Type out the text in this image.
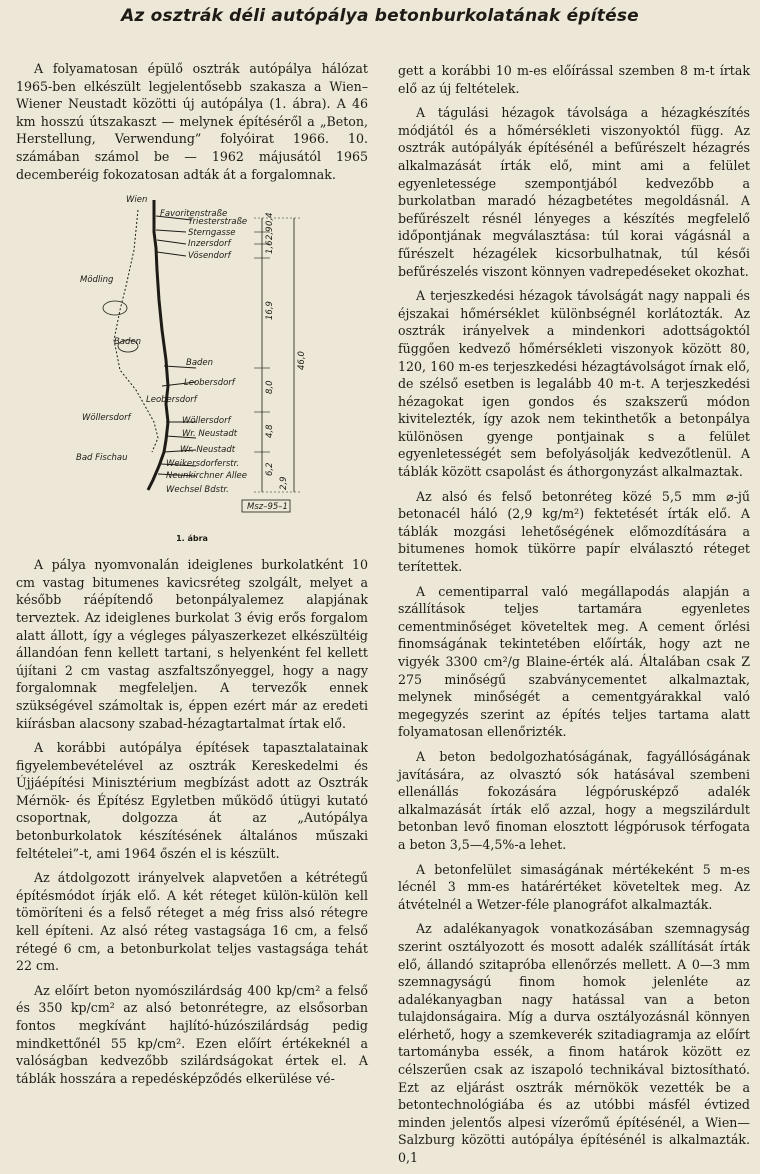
Az osztrák déli autópálya betonburkolatának építése

A folyamatosan épülő osztrák autópálya hálózat 1965-ben elkészült legjelentősebb szakasza a Wien–Wiener Neustadt közötti új autópálya (1. ábra). A 46 km hosszú útszakaszt — melynek építéséről a „Beton, Herstellung, Verwendung” folyóirat 1966. 10. számában számol be — 1962 májusától 1965 decemberéig fokozatosan adták át a forgalomnak.

Wien
Favoritenstraße
Triesterstraße
Sterngasse
Inzersdorf
Vösendorf
Mödling
Baden
Baden
Leobersdorf
Leobersdorf
Wöllersdorf	Wöllersdorf
Wr. Neustadt
Wr. Neustadt
Bad Fischau
Weikersdorferstr.
Neunkirchner Allee
Wechsel Bdstr.
0,4
2,9
1,6
16,9
8,0
4,8
6,2
2,9
46,0
Msz–95–1
1. ábra

A pálya nyomvonalán ideiglenes burkolatként 10 cm vastag bitumenes kavicsréteg szolgált, melyet a később ráépítendő betonpályalemez alapjának terveztek. Az ideiglenes burkolat 3 évig erős forgalom alatt állott, így a végleges pályaszerkezet elkészültéig állandóan fenn kellett tartani, s helyenként fel kellett újítani 2 cm vastag aszfaltszőnyeggel, hogy a nagy forgalomnak megfeleljen. A tervezők ennek szükségével számoltak is, éppen ezért már az eredeti kiírásban alacsony szabad-hézagtartalmat írtak elő.

A korábbi autópálya építések tapasztalatainak figyelembevételével az osztrák Kereskedelmi és Újjáépítési Minisztérium megbízást adott az Osztrák Mérnök- és Építész Egyletben működő útügyi kutató csoportnak, dolgozza át az „Autópálya betonburkolatok készítésének általános műszaki feltételei”-t, ami 1964 őszén el is készült.

Az átdolgozott irányelvek alapvetően a kétrétegű építésmódot írják elő. A két réteget külön-külön kell tömöríteni és a felső réteget a még friss alsó rétegre kell építeni. Az alsó réteg vastagsága 16 cm, a felső rétegé 6 cm, a betonburkolat teljes vastagsága tehát 22 cm.

Az előírt beton nyomószilárdság 400 kp/cm² a felső és 350 kp/cm² az alsó betonrétegre, az elsősorban fontos megkívánt hajlító-húzószilárdság pedig mindkettőnél 55 kp/cm². Ezen előírt értékeknél a valóságban kedvezőbb szilárdságokat értek el. A táblák hosszára a repedésképződés elkerülése vé-

gett a korábbi 10 m-es előírással szemben 8 m-t írtak elő az új feltételek.

A tágulási hézagok távolsága a hézagkészítés módjától és a hőmérsékleti viszonyoktól függ. Az osztrák autópályák építésénél a befűrészelt hézagrés alkalmazását írták elő, mint ami a felület egyenletessége szempontjából kedvezőbb a burkolatban maradó hézagbetétes megoldásnál. A befűrészelt résnél lényeges a készítés megfelelő időpontjának megválasztása: túl korai vágásnál a fűrészelt hézagélek kicsorbulhatnak, túl késői befűrészelés viszont könnyen vadrepedéseket okozhat.

A terjeszkedési hézagok távolságát nagy nappali és éjszakai hőmérséklet különbségnél korlátozták. Az osztrák irányelvek a mindenkori adottságoktól függően kedvező hőmérsékleti viszonyok között 80, 120, 160 m-es terjeszkedési hézagtávolságot írnak elő, de szélső esetben is legalább 40 m-t. A terjeszkedési hézagokat igen gondos és szakszerű módon kivitelezték, így azok nem tekinthetők a betonpálya különösen gyenge pontjainak s a felület egyenletességét sem befolyásolják kedvezőtlenül. A táblák között csapolást és áthorgonyzást alkalmaztak.

Az alsó és felső betonréteg közé 5,5 mm ⌀-jű betonacél háló (2,9 kg/m²) fektetését írták elő. A táblák mozgási lehetőségének előmozdítására a bitumenes homok tükörre papír elválasztó réteget terítettek.

A cementiparral való megállapodás alapján a szállítások teljes tartamára egyenletes cementminőséget követeltek meg. A cement őrlési finomságának tekintetében előírták, hogy azt ne vigyék 3300 cm²/g Blaine-érték alá. Általában csak Z 275 minőségű szabványcementet alkalmaztak, melynek minőségét a cementgyárakkal való megegyzés szerint az építés teljes tartama alatt folyamatosan ellenőrizték.

A beton bedolgozhatóságának, fagyállóságának javítására, az olvasztó sók hatásával szembeni ellenállás fokozására légpórusképző adalék alkalmazását írták elő azzal, hogy a megszilárdult betonban levő finoman elosztott légpórusok térfogata a beton 3,5—4,5%-a lehet.

A betonfelület simaságának mértékeként 5 m-es lécnél 3 mm-es határértéket követeltek meg. Az átvételnél a Wetzer-féle planográfot alkalmazták.

Az adalékanyagok vonatkozásában szemnagyság szerint osztályozott és mosott adalék szállítását írták elő, állandó szitapróba ellenőrzés mellett. A 0—3 mm szemnagyságú finom homok jelenléte az adalékanyagban nagy hatással van a beton tulajdonságaira. Míg a durva osztályozásnál könnyen elérhető, hogy a szemkeverék szitadiagramja az előírt tartományba essék, a finom határok között ez célszerűen csak az iszapoló technikával biztosítható. Ezt az eljárást osztrák mérnökök vezették be a betontechnológiába és az utóbbi másfél évtized minden jelentős alpesi vízerőmű építésénél, a Wien—Salzburg közötti autópálya építésénél is alkalmazták. 0,1
